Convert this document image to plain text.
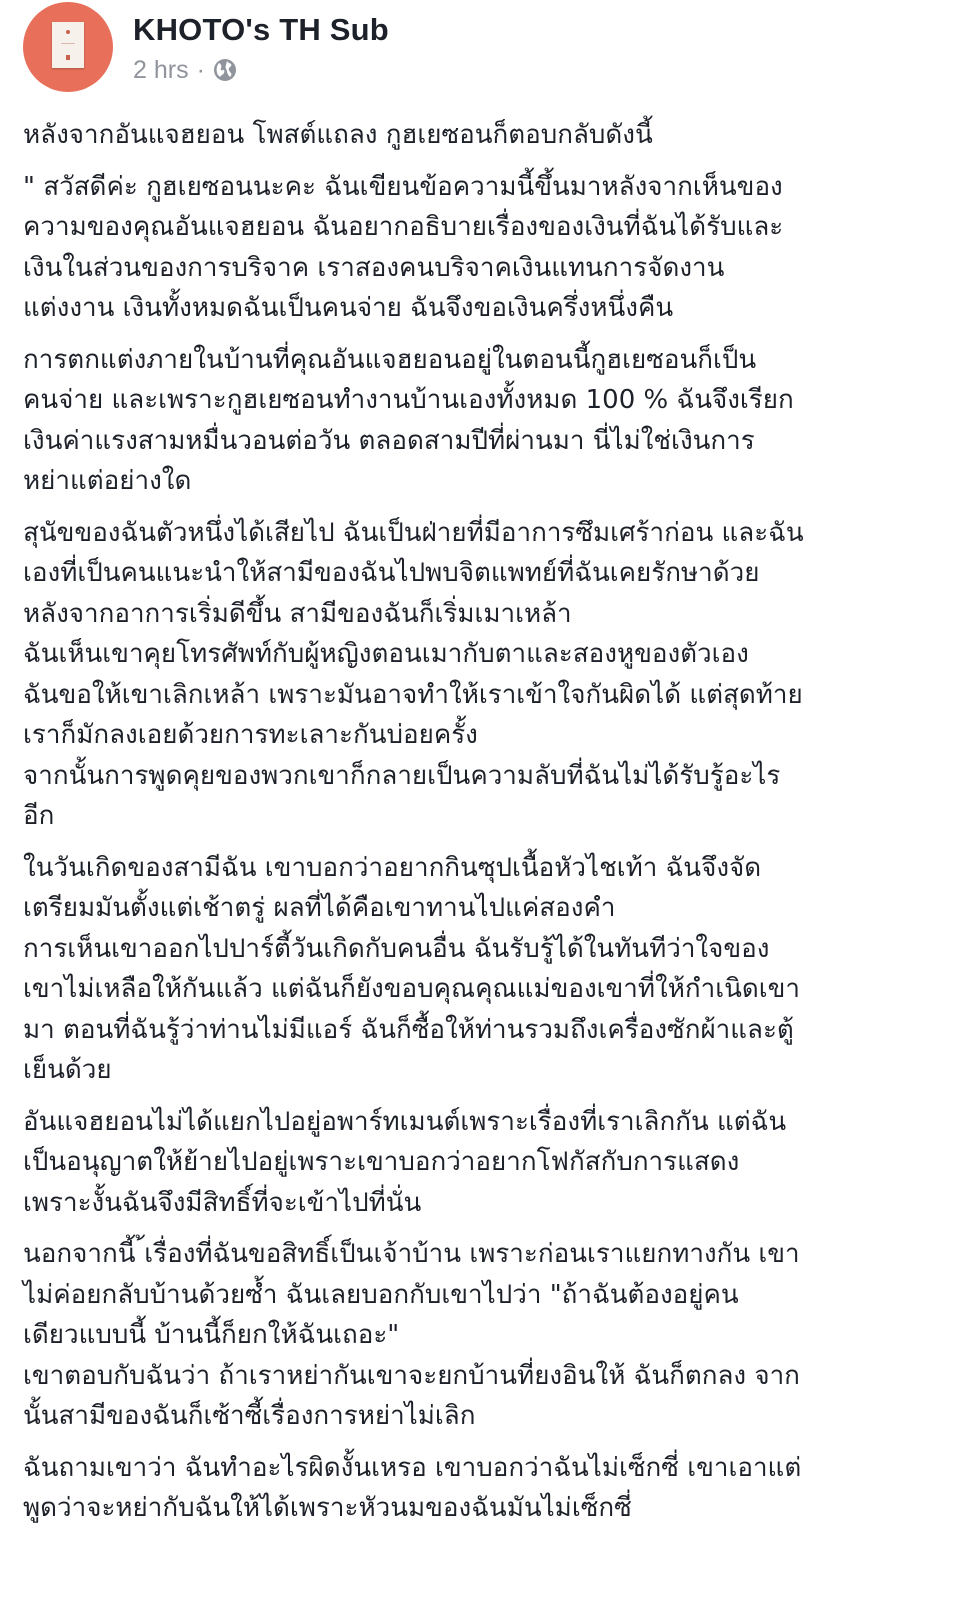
KHOTO's TH Sub
2 hrs ·
หลังจากอันแจฮยอน โพสต์แถลง กูฮเยซอนก็ตอบกลับดังนี้
" สวัสดีค่ะ กูฮเยซอนนะคะ ฉันเขียนข้อความนี้ขึ้นมาหลังจากเห็นของ
ความของคุณอันแจฮยอน ฉันอยากอธิบายเรื่องของเงินที่ฉันได้รับและ
เงินในส่วนของการบริจาค เราสองคนบริจาคเงินแทนการจัดงาน
แต่งงาน เงินทั้งหมดฉันเป็นคนจ่าย ฉันจึงขอเงินครึ่งหนึ่งคืน
การตกแต่งภายในบ้านที่คุณอันแจฮยอนอยู่ในตอนนี้กูฮเยซอนก็เป็น
คนจ่าย และเพราะกูฮเยซอนทำงานบ้านเองทั้งหมด 100 % ฉันจึงเรียก
เงินค่าแรงสามหมื่นวอนต่อวัน ตลอดสามปีที่ผ่านมา นี่ไม่ใช่เงินการ
หย่าแต่อย่างใด
สุนัขของฉันตัวหนึ่งได้เสียไป ฉันเป็นฝ่ายที่มีอาการซึมเศร้าก่อน และฉัน
เองที่เป็นคนแนะนำให้สามีของฉันไปพบจิตแพทย์ที่ฉันเคยรักษาด้วย
หลังจากอาการเริ่มดีขึ้น สามีของฉันก็เริ่มเมาเหล้า
ฉันเห็นเขาคุยโทรศัพท์กับผู้หญิงตอนเมากับตาและสองหูของตัวเอง
ฉันขอให้เขาเลิกเหล้า เพราะมันอาจทำให้เราเข้าใจกันผิดได้ แต่สุดท้าย
เราก็มักลงเอยด้วยการทะเลาะกันบ่อยครั้ง
จากนั้นการพูดคุยของพวกเขาก็กลายเป็นความลับที่ฉันไม่ได้รับรู้อะไร
อีก
ในวันเกิดของสามีฉัน เขาบอกว่าอยากกินซุปเนื้อหัวไชเท้า ฉันจึงจัด
เตรียมมันตั้งแต่เช้าตรู่ ผลที่ได้คือเขาทานไปแค่สองคำ
การเห็นเขาออกไปปาร์ตี้วันเกิดกับคนอื่น ฉันรับรู้ได้ในทันทีว่าใจของ
เขาไม่เหลือให้กันแล้ว แต่ฉันก็ยังขอบคุณคุณแม่ของเขาที่ให้กำเนิดเขา
มา ตอนที่ฉันรู้ว่าท่านไม่มีแอร์ ฉันก็ซื้อให้ท่านรวมถึงเครื่องซักผ้าและตู้
เย็นด้วย
อันแจฮยอนไม่ได้แยกไปอยู่อพาร์ทเมนต์เพราะเรื่องที่เราเลิกกัน แต่ฉัน
เป็นอนุญาตให้ย้ายไปอยู่เพราะเขาบอกว่าอยากโฟกัสกับการแสดง
เพราะงั้นฉันจึงมีสิทธิ์ที่จะเข้าไปที่นั่น
นอกจากนี้ ้เรื่องที่ฉันขอสิทธิ์เป็นเจ้าบ้าน เพราะก่อนเราแยกทางกัน เขา
ไม่ค่อยกลับบ้านด้วยซ้ำ ฉันเลยบอกกับเขาไปว่า "ถ้าฉันต้องอยู่คน
เดียวแบบนี้ บ้านนี้ก็ยกให้ฉันเถอะ"
เขาตอบกับฉันว่า ถ้าเราหย่ากันเขาจะยกบ้านที่ยงอินให้ ฉันก็ตกลง จาก
นั้นสามีของฉันก็เซ้าซี้เรื่องการหย่าไม่เลิก
ฉันถามเขาว่า ฉันทำอะไรผิดงั้นเหรอ เขาบอกว่าฉันไม่เซ็กซี่ เขาเอาแต่
พูดว่าจะหย่ากับฉันให้ได้เพราะหัวนมของฉันมันไม่เซ็กซี่
